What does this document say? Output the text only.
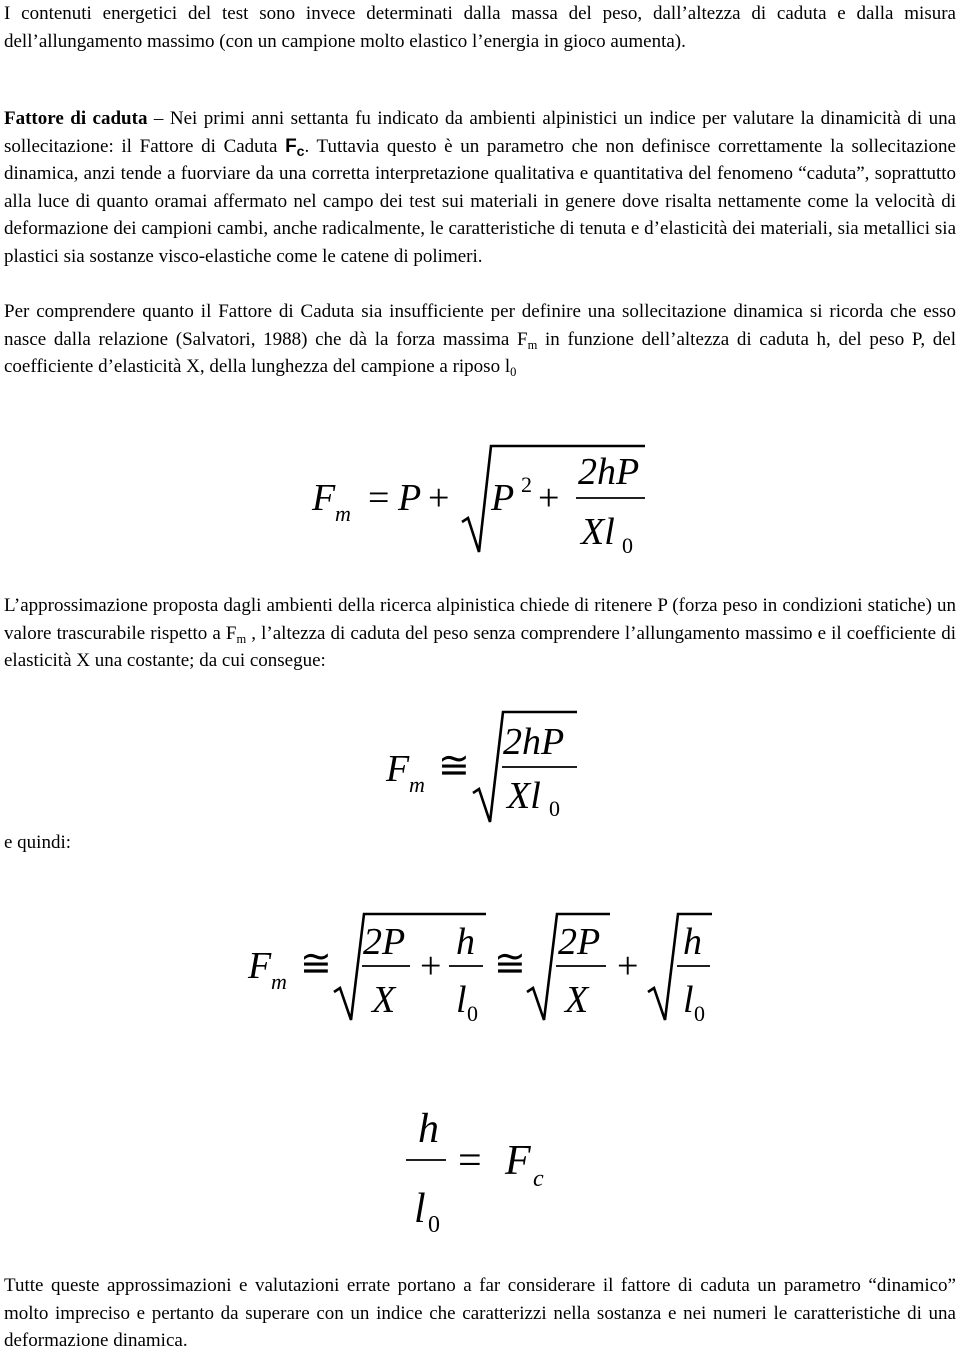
I contenuti energetici del test sono invece determinati dalla massa del peso, dall’altezza di caduta e dalla misura dell’allungamento massimo (con un campione molto elastico l’energia in gioco aumenta).

Fattore di caduta – Nei primi anni settanta fu indicato da ambienti alpinistici un indice per valutare la dinamicità di una sollecitazione: il Fattore di Caduta $F_c$. Tuttavia questo è un parametro che non definisce correttamente la sollecitazione dinamica, anzi tende a fuorviare da una corretta interpretazione qualitativa e quantitativa del fenomeno “caduta”, soprattutto alla luce di quanto oramai affermato nel campo dei test sui materiali in genere dove risalta nettamente come la velocità di deformazione dei campioni cambi, anche radicalmente, le caratteristiche di tenuta e d’elasticità dei materiali, sia metallici sia plastici sia sostanze visco-elastiche come le catene di polimeri.

Per comprendere quanto il Fattore di Caduta sia insufficiente per definire una sollecitazione dinamica si ricorda che esso nasce dalla relazione (Salvatori, 1988) che dà la forza massima $F_m$ in funzione dell’altezza di caduta h, del peso P, del coefficiente d’elasticità X, della lunghezza del campione a riposo $l_0$

L’approssimazione proposta dagli ambienti della ricerca alpinistica chiede di ritenere P (forza peso in condizioni statiche) un valore trascurabile rispetto a $F_m$ , l’altezza di caduta del peso senza comprendere l’allungamento massimo e il coefficiente di elasticità X una costante; da cui consegue:

e quindi:

Tutte queste approssimazioni e valutazioni errate portano a far considerare il fattore di caduta un parametro “dinamico” molto impreciso e pertanto da superare con un indice che caratterizzi nella sostanza e nei numeri le caratteristiche di una deformazione dinamica.

F m = P + P 2 +
2hP
Xl 0
F m ≅
2hP
Xl 0
F m ≅
2P
X
+
h
l 0
≅
2P
X
+
h
l 0
h
l 0
= F c
